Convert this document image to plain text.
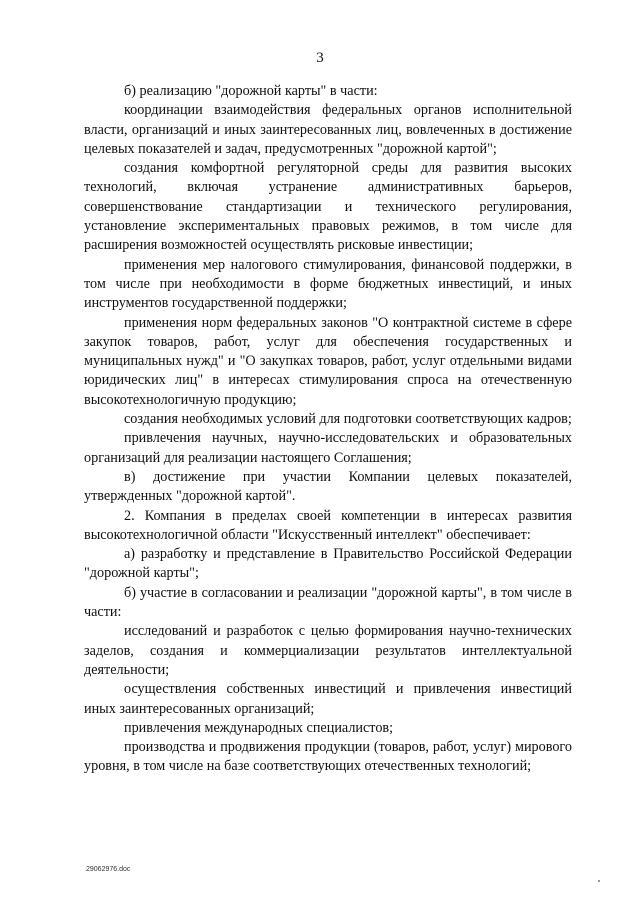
3

б) реализацию "дорожной карты" в части:

координации взаимодействия федеральных органов исполнительной власти, организаций и иных заинтересованных лиц, вовлеченных в достижение целевых показателей и задач, предусмотренных "дорожной картой";

создания комфортной регуляторной среды для развития высоких технологий, включая устранение административных барьеров, совершенствование стандартизации и технического регулирования, установление экспериментальных правовых режимов, в том числе для расширения возможностей осуществлять рисковые инвестиции;

применения мер налогового стимулирования, финансовой поддержки, в том числе при необходимости в форме бюджетных инвестиций, и иных инструментов государственной поддержки;

применения норм федеральных законов "О контрактной системе в сфере закупок товаров, работ, услуг для обеспечения государственных и муниципальных нужд" и "О закупках товаров, работ, услуг отдельными видами юридических лиц" в интересах стимулирования спроса на отечественную высокотехнологичную продукцию;

создания необходимых условий для подготовки соответствующих кадров;

привлечения научных, научно-исследовательских и образовательных организаций для реализации настоящего Соглашения;

в) достижение при участии Компании целевых показателей, утвержденных "дорожной картой".

2. Компания в пределах своей компетенции в интересах развития высокотехнологичной области "Искусственный интеллект" обеспечивает:

а) разработку и представление в Правительство Российской Федерации "дорожной карты";

б) участие в согласовании и реализации "дорожной карты", в том числе в части:

исследований и разработок с целью формирования научно-технических заделов, создания и коммерциализации результатов интеллектуальной деятельности;

осуществления собственных инвестиций и привлечения инвестиций иных заинтересованных организаций;

привлечения международных специалистов;

производства и продвижения продукции (товаров, работ, услуг) мирового уровня, в том числе на базе соответствующих отечественных технологий;

29062976.doc
